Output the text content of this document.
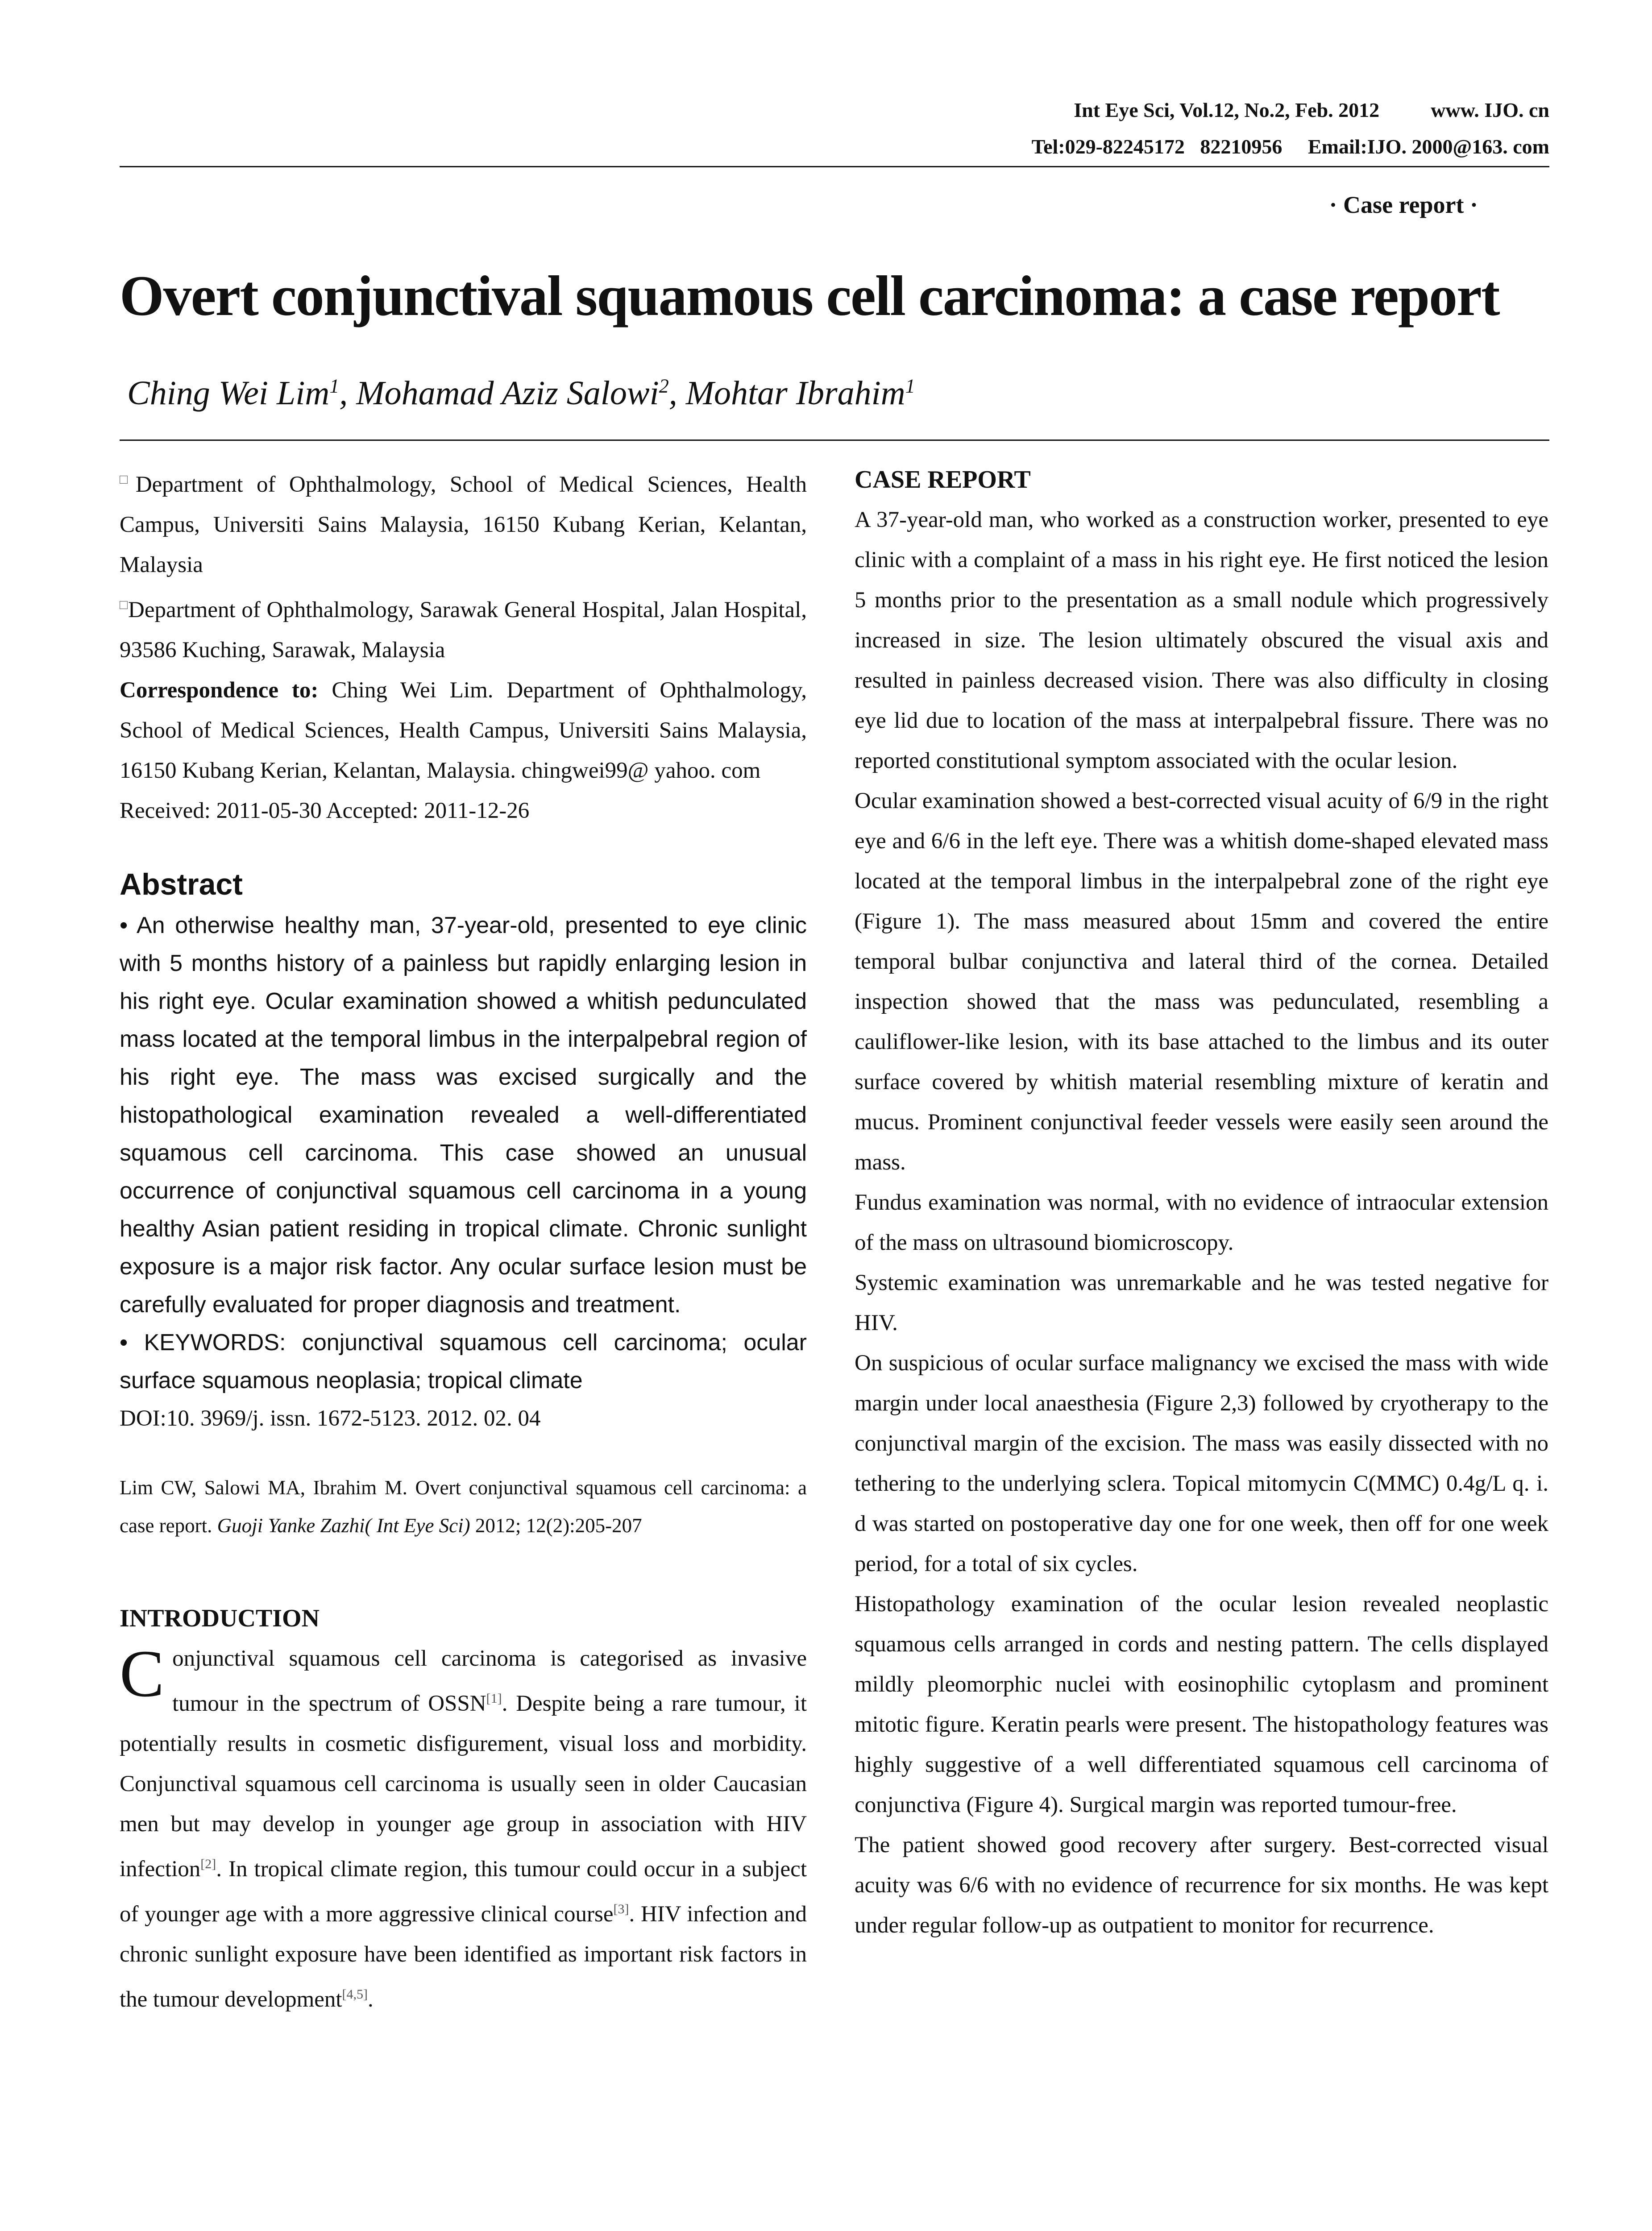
Int Eye Sci, Vol.12, No.2, Feb. 2012	www. IJO. cn
Tel:029-82245172   82210956 Email:IJO. 2000@163. com
· Case report ·
Overt conjunctival squamous cell carcinoma: a case report
Ching Wei Lim$^1$, Mohamad Aziz Salowi$^2$, Mohtar Ibrahim$^1$

□Department of Ophthalmology, School of Medical Sciences, Health Campus, Universiti Sains Malaysia, 16150 Kubang Kerian, Kelantan, Malaysia

□Department of Ophthalmology, Sarawak General Hospital, Jalan Hospital, 93586 Kuching, Sarawak, Malaysia

Correspondence to: Ching Wei Lim. Department of Ophthalmology, School of Medical Sciences, Health Campus, Universiti Sains Malaysia, 16150 Kubang Kerian, Kelantan, Malaysia. chingwei99@ yahoo. com

Received: 2011-05-30 Accepted: 2011-12-26

Abstract

• An otherwise healthy man, 37-year-old, presented to eye clinic with 5 months history of a painless but rapidly enlarging lesion in his right eye. Ocular examination showed a whitish pedunculated mass located at the temporal limbus in the interpalpebral region of his right eye. The mass was excised surgically and the histopathological examination revealed a well-differentiated squamous cell carcinoma. This case showed an unusual occurrence of conjunctival squamous cell carcinoma in a young healthy Asian patient residing in tropical climate. Chronic sunlight exposure is a major risk factor. Any ocular surface lesion must be carefully evaluated for proper diagnosis and treatment.

• KEYWORDS: conjunctival squamous cell carcinoma; ocular surface squamous neoplasia; tropical climate

DOI:10. 3969/j. issn. 1672-5123. 2012. 02. 04

Lim CW, Salowi MA, Ibrahim M. Overt conjunctival squamous cell carcinoma: a case report. Guoji Yanke Zazhi( Int Eye Sci) 2012; 12(2):205-207

INTRODUCTION

Conjunctival squamous cell carcinoma is categorised as invasive tumour in the spectrum of OSSN[1]. Despite being a rare tumour, it potentially results in cosmetic disfigurement, visual loss and morbidity. Conjunctival squamous cell carcinoma is usually seen in older Caucasian men but may develop in younger age group in association with HIV infection[2]. In tropical climate region, this tumour could occur in a subject of younger age with a more aggressive clinical course[3]. HIV infection and chronic sunlight exposure have been identified as important risk factors in the tumour development[4,5].

CASE REPORT

A 37-year-old man, who worked as a construction worker, presented to eye clinic with a complaint of a mass in his right eye. He first noticed the lesion 5 months prior to the presentation as a small nodule which progressively increased in size. The lesion ultimately obscured the visual axis and resulted in painless decreased vision. There was also difficulty in closing eye lid due to location of the mass at interpalpebral fissure. There was no reported constitutional symptom associated with the ocular lesion.

Ocular examination showed a best-corrected visual acuity of 6/9 in the right eye and 6/6 in the left eye. There was a whitish dome-shaped elevated mass located at the temporal limbus in the interpalpebral zone of the right eye (Figure 1). The mass measured about 15mm and covered the entire temporal bulbar conjunctiva and lateral third of the cornea. Detailed inspection showed that the mass was pedunculated, resembling a cauliflower-like lesion, with its base attached to the limbus and its outer surface covered by whitish material resembling mixture of keratin and mucus. Prominent conjunctival feeder vessels were easily seen around the mass.

Fundus examination was normal, with no evidence of intraocular extension of the mass on ultrasound biomicroscopy.

Systemic examination was unremarkable and he was tested negative for HIV.

On suspicious of ocular surface malignancy we excised the mass with wide margin under local anaesthesia (Figure 2,3) followed by cryotherapy to the conjunctival margin of the excision. The mass was easily dissected with no tethering to the underlying sclera. Topical mitomycin C(MMC) 0.4g/L q. i. d was started on postoperative day one for one week, then off for one week period, for a total of six cycles.

Histopathology examination of the ocular lesion revealed neoplastic squamous cells arranged in cords and nesting pattern. The cells displayed mildly pleomorphic nuclei with eosinophilic cytoplasm and prominent mitotic figure. Keratin pearls were present. The histopathology features was highly suggestive of a well differentiated squamous cell carcinoma of conjunctiva (Figure 4). Surgical margin was reported tumour-free.

The patient showed good recovery after surgery. Best-corrected visual acuity was 6/6 with no evidence of recurrence for six months. He was kept under regular follow-up as outpatient to monitor for recurrence.
